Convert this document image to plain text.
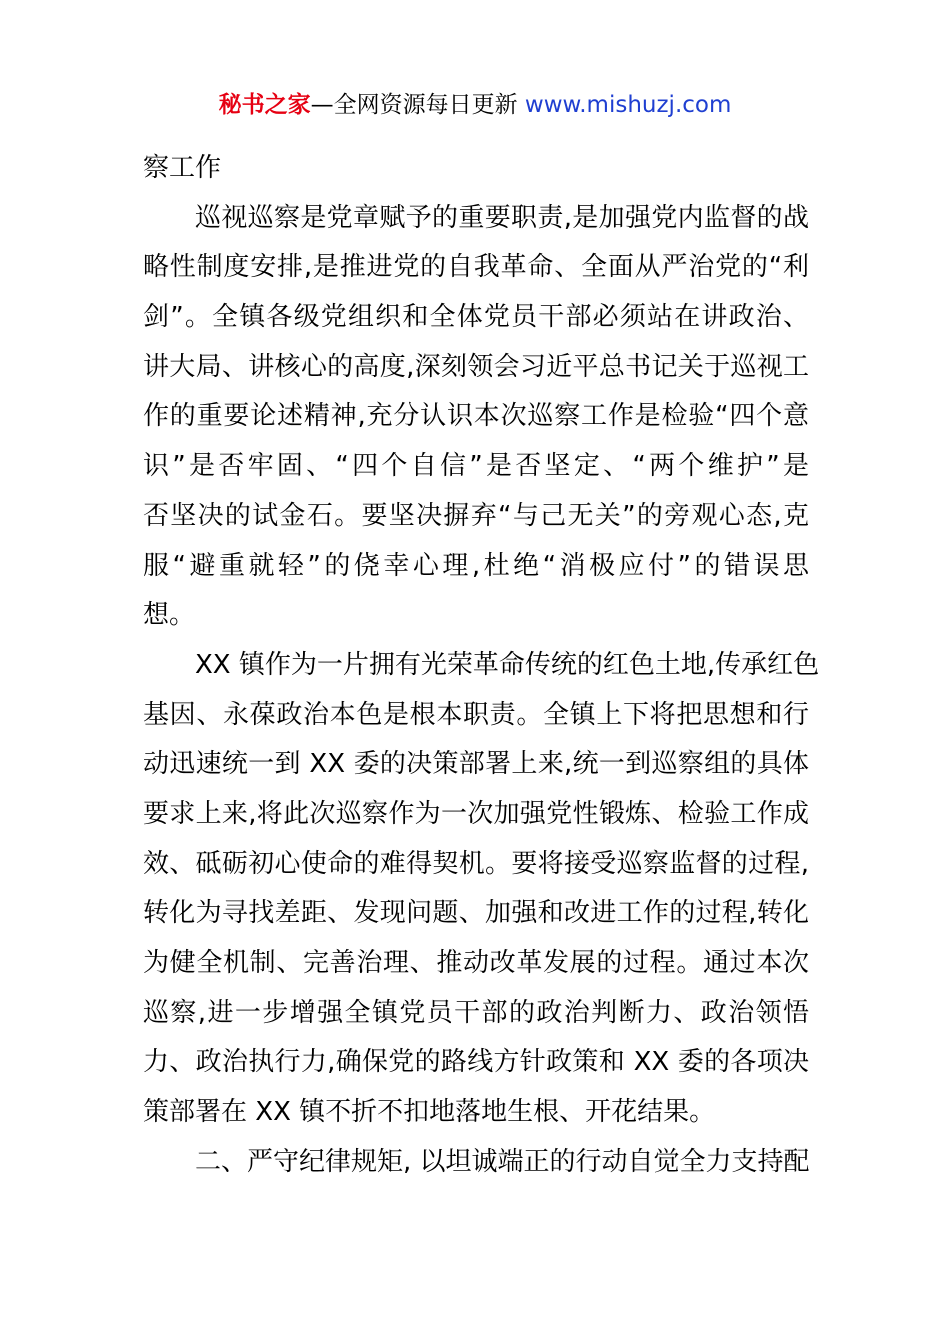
秘书之家—全网资源每日更新 www.mishuzj.com
察工作
巡视巡察是党章赋予的重要职责,是加强党内监督的战
略性制度安排,是推进党的自我革命、全面从严治党的“利
剑”。全镇各级党组织和全体党员干部必须站在讲政治、
讲大局、讲核心的高度,深刻领会习近平总书记关于巡视工
作的重要论述精神,充分认识本次巡察工作是检验“四个意
识”是否牢固、“四个自信”是否坚定、“两个维护”是
否坚决的试金石。要坚决摒弃“与己无关”的旁观心态,克
服“避重就轻”的侥幸心理,杜绝“消极应付”的错误思
想。
XX 镇作为一片拥有光荣革命传统的红色土地,传承红色
基因、永葆政治本色是根本职责。全镇上下将把思想和行
动迅速统一到 XX 委的决策部署上来,统一到巡察组的具体
要求上来,将此次巡察作为一次加强党性锻炼、检验工作成
效、砥砺初心使命的难得契机。要将接受巡察监督的过程,
转化为寻找差距、发现问题、加强和改进工作的过程,转化
为健全机制、完善治理、推动改革发展的过程。通过本次
巡察,进一步增强全镇党员干部的政治判断力、政治领悟
力、政治执行力,确保党的路线方针政策和 XX 委的各项决
策部署在 XX 镇不折不扣地落地生根、开花结果。
二、严守纪律规矩, 以坦诚端正的行动自觉全力支持配
